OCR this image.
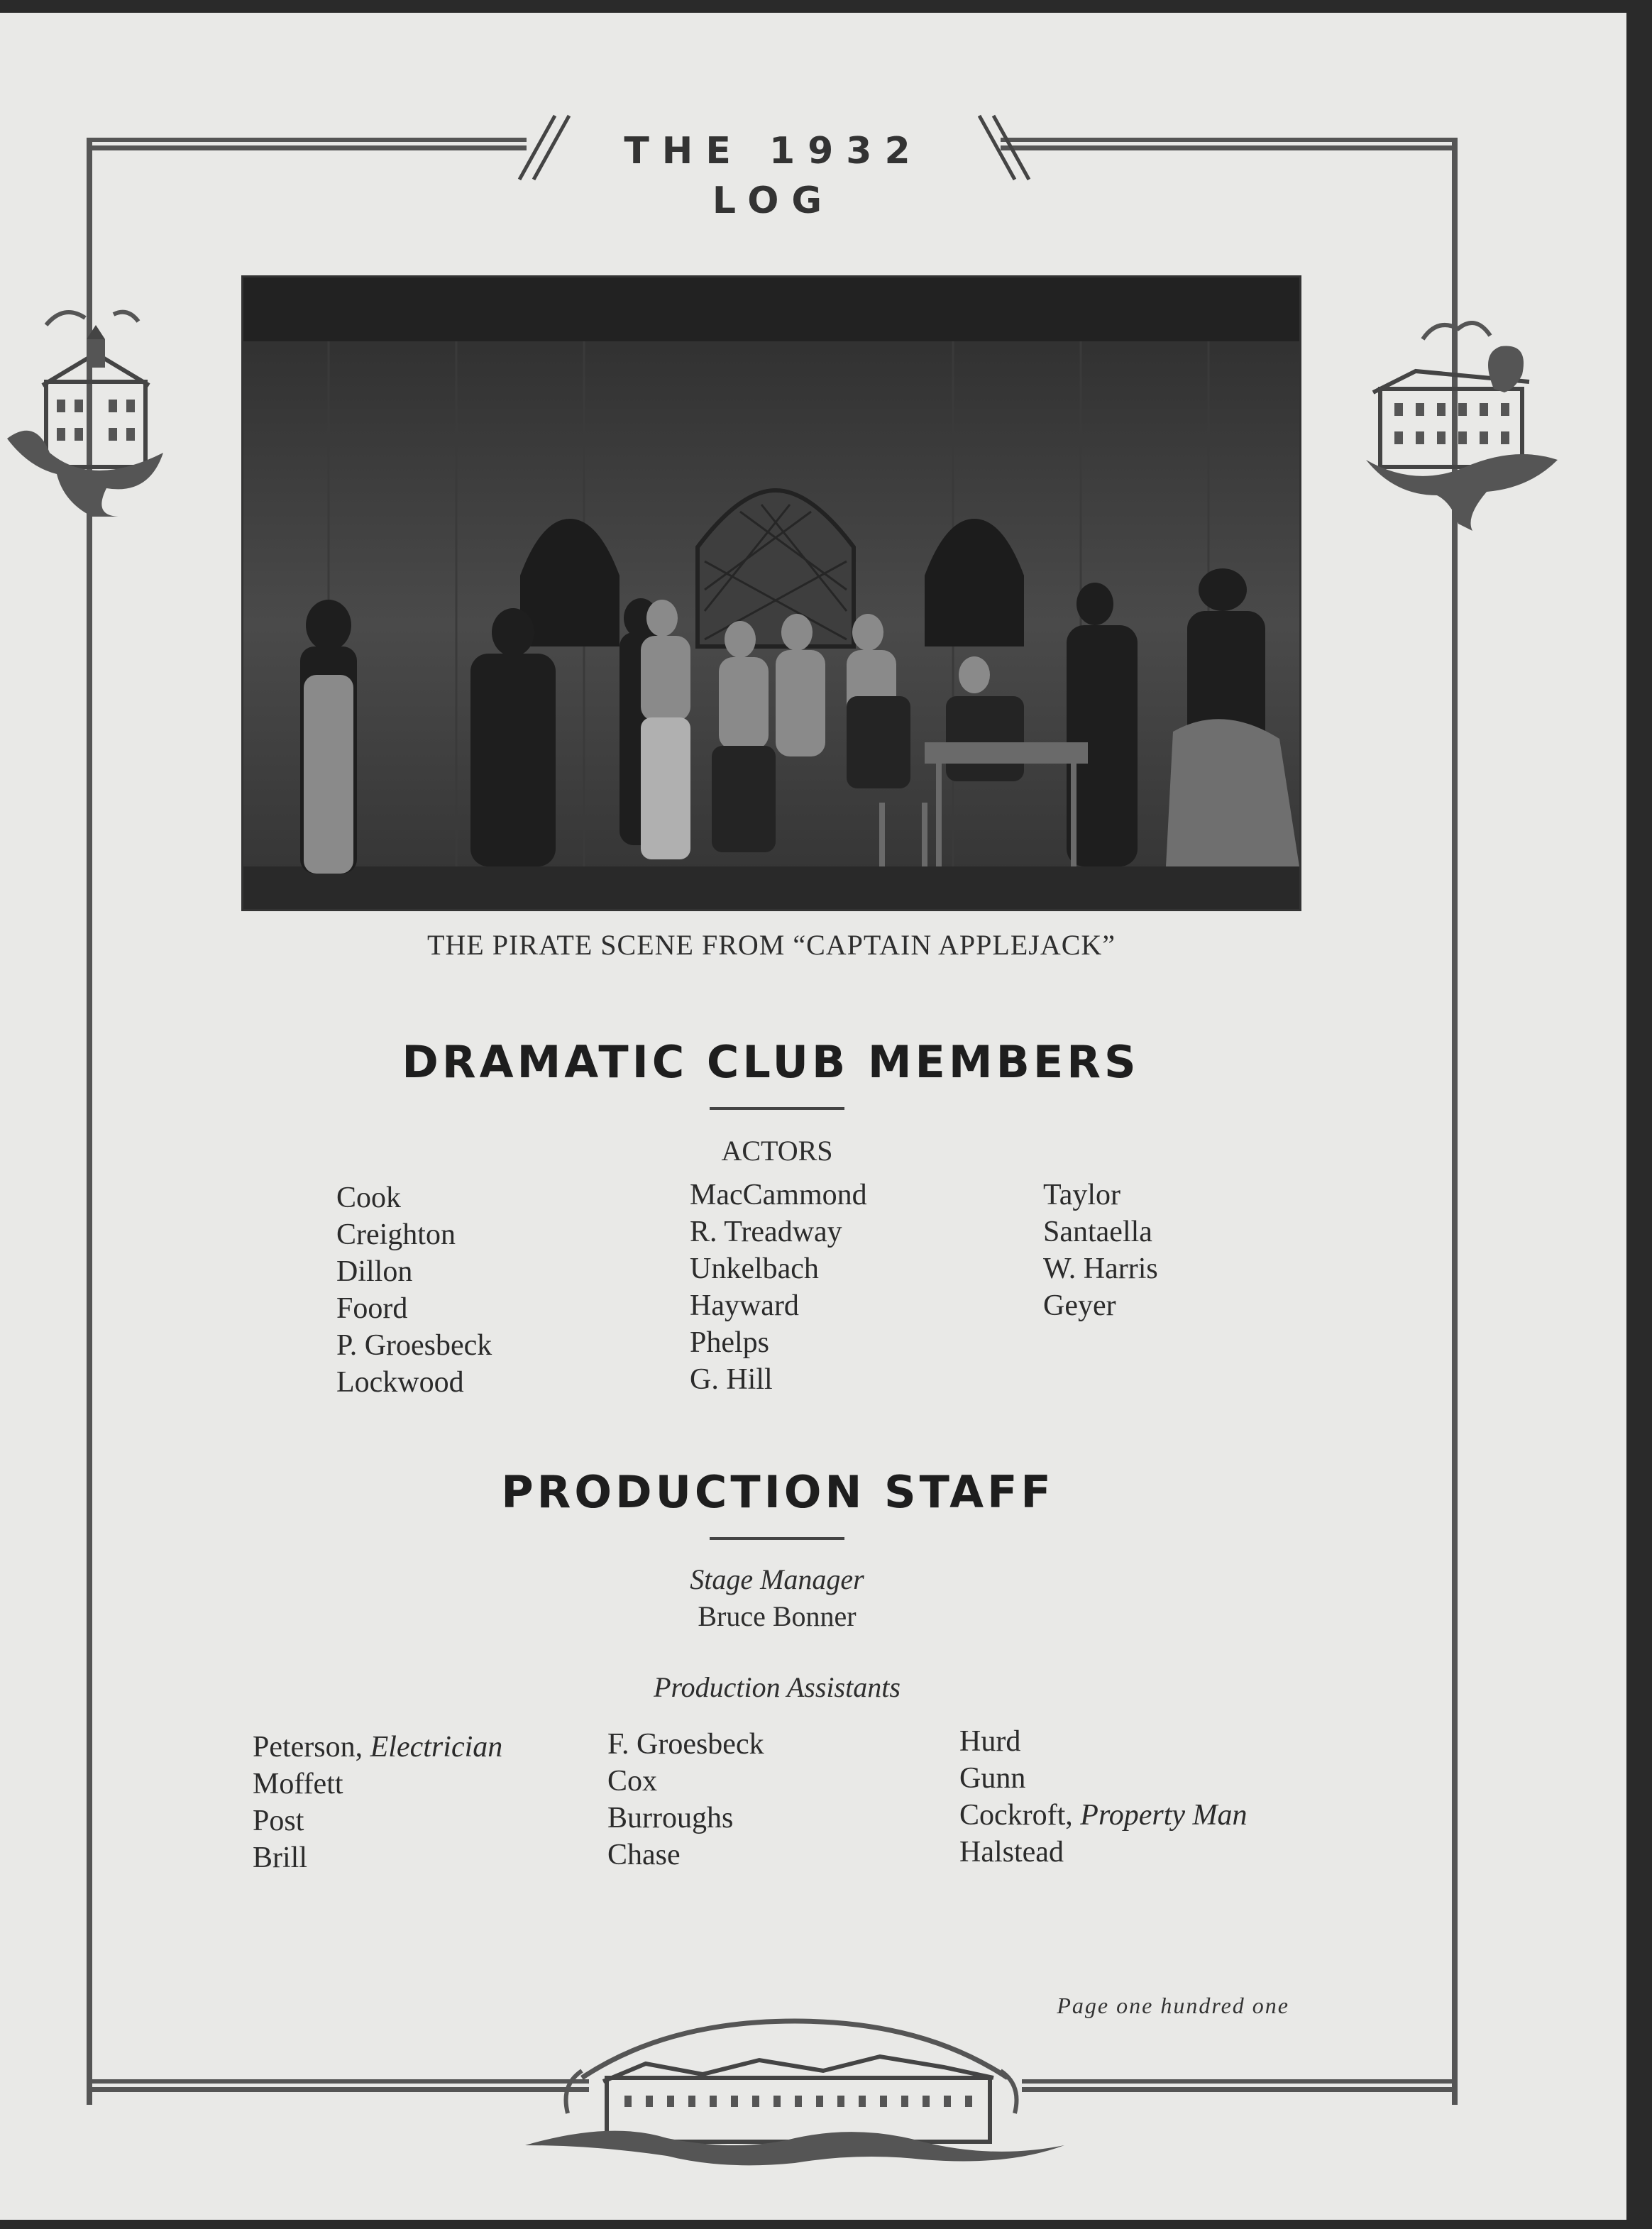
THE 1932 LOG
THE PIRATE SCENE FROM “CAPTAIN APPLEJACK”
DRAMATIC CLUB MEMBERS
ACTORS
Cook
Creighton
Dillon
Foord
P. Groesbeck
Lockwood
MacCammond
R. Treadway
Unkelbach
Hayward
Phelps
G. Hill
Taylor
Santaella
W. Harris
Geyer
PRODUCTION STAFF
Stage Manager
Bruce Bonner
Production Assistants
Peterson, Electrician
Moffett
Post
Brill
F. Groesbeck
Cox
Burroughs
Chase
Hurd
Gunn
Cockroft, Property Man
Halstead
Page one hundred one
